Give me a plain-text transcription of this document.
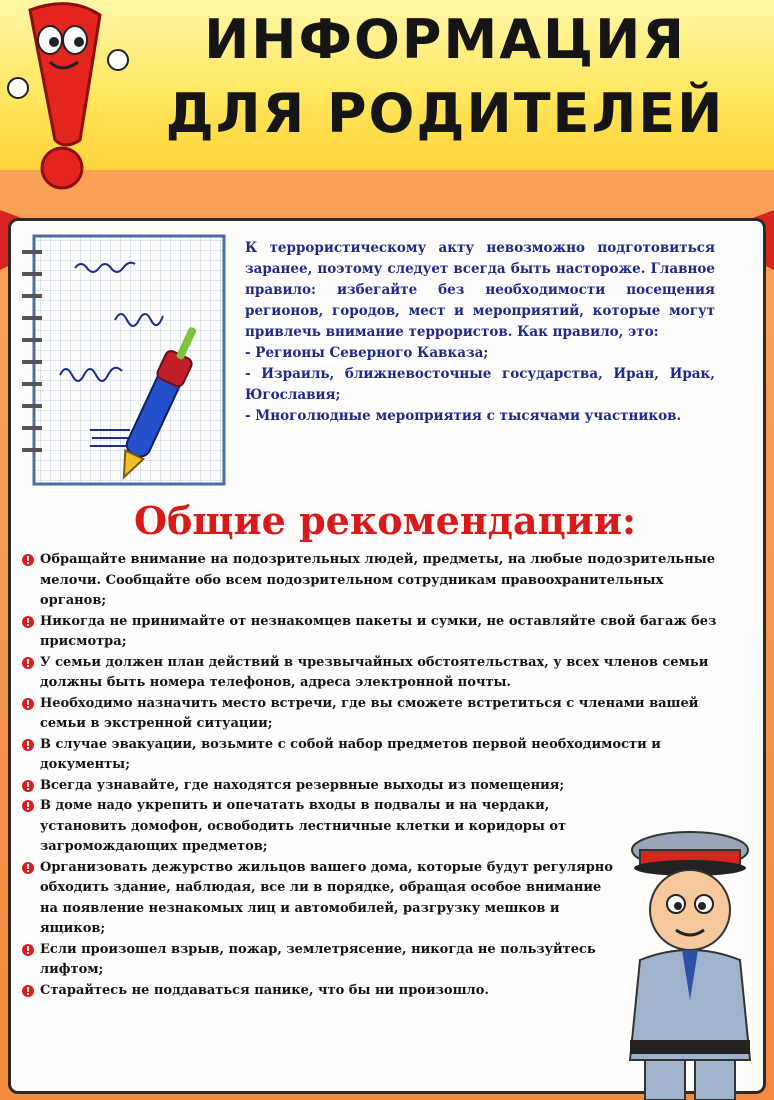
ИНФОРМАЦИЯ
ДЛЯ РОДИТЕЛЕЙ

К террористическому акту невозможно подготовиться заранее, поэтому следует всегда быть настороже. Главное правило: избегайте без необходимости посещения регионов, городов, мест и мероприятий, которые могут привлечь внимание террористов. Как правило, это:

- Регионы Северного Кавказа;

- Израиль, ближневосточные государства, Иран, Ирак, Югославия;

- Многолюдные мероприятия с тысячами участников.

Общие рекомендации:
Обращайте внимание на подозрительных людей, предметы, на любые подозрительные мелочи. Сообщайте обо всем подозрительном сотрудникам правоохранительных органов;
Никогда не принимайте от незнакомцев пакеты и сумки, не оставляйте свой багаж без присмотра;
У семьи должен план действий в чрезвычайных обстоятельствах, у всех членов семьи должны быть номера телефонов, адреса электронной почты.
Необходимо назначить место встречи, где вы сможете встретиться с членами вашей семьи в экстренной ситуации;
В случае эвакуации, возьмите с собой набор предметов первой необходимости и документы;
Всегда узнавайте, где находятся резервные выходы из помещения;
В доме надо укрепить и опечатать входы в подвалы и на чердаки, установить домофон, освободить лестничные клетки и коридоры от загромождающих предметов;
Организовать дежурство жильцов вашего дома, которые будут регулярно обходить здание, наблюдая, все ли в порядке, обращая особое внимание на появление незнакомых лиц и автомобилей, разгрузку мешков и ящиков;
Если произошел взрыв, пожар, землетрясение, никогда не пользуйтесь лифтом;
Старайтесь не поддаваться панике, что бы ни произошло.
